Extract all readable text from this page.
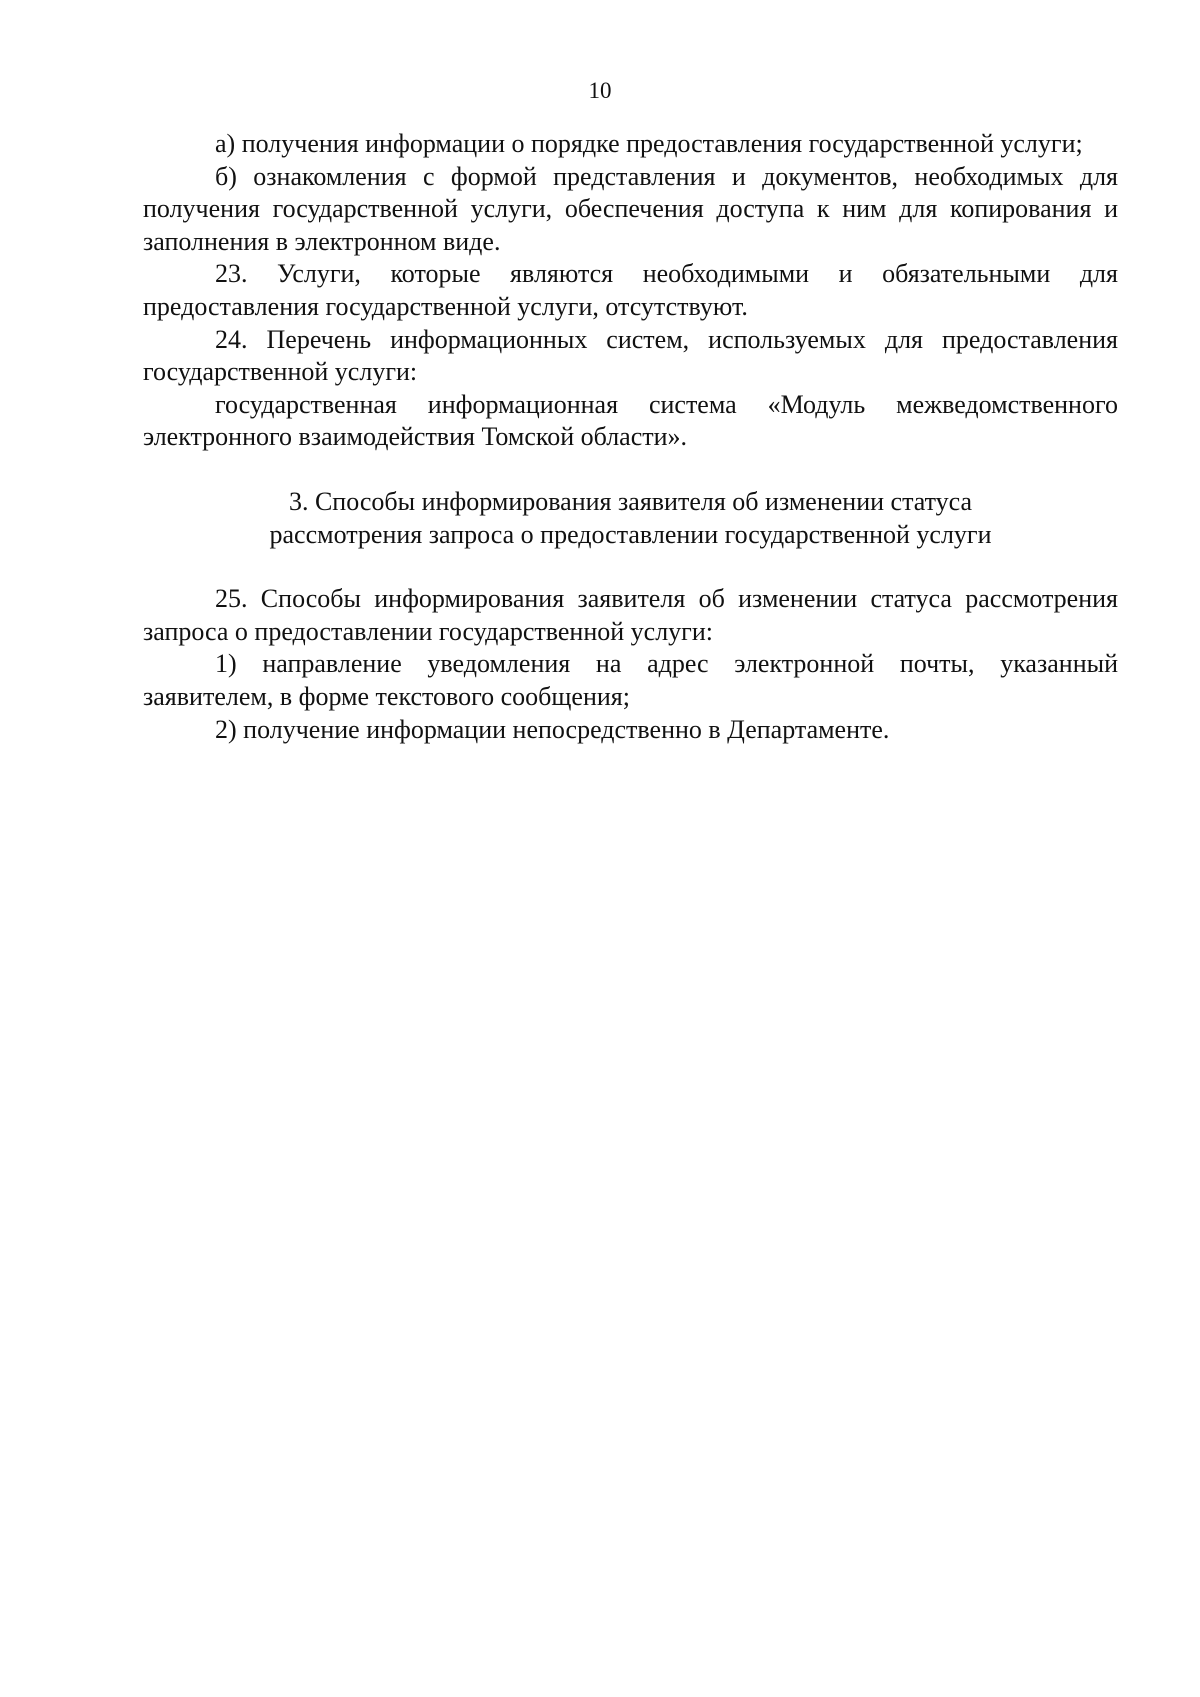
10

а) получения информации о порядке предоставления государственной услуги;

б) ознакомления с формой представления и документов, необходимых для получения государственной услуги, обеспечения доступа к ним для копирования и заполнения в электронном виде.

23. Услуги, которые являются необходимыми и обязательными для предоставления государственной услуги, отсутствуют.

24. Перечень информационных систем, используемых для предоставления государственной услуги:

государственная информационная система «Модуль межведомственного электронного взаимодействия Томской области».

3. Способы информирования заявителя об изменении статуса

рассмотрения запроса о предоставлении государственной услуги

25. Способы информирования заявителя об изменении статуса рассмотрения запроса о предоставлении государственной услуги:

1) направление уведомления на адрес электронной почты, указанный заявителем, в форме текстового сообщения;

2) получение информации непосредственно в Департаменте.
